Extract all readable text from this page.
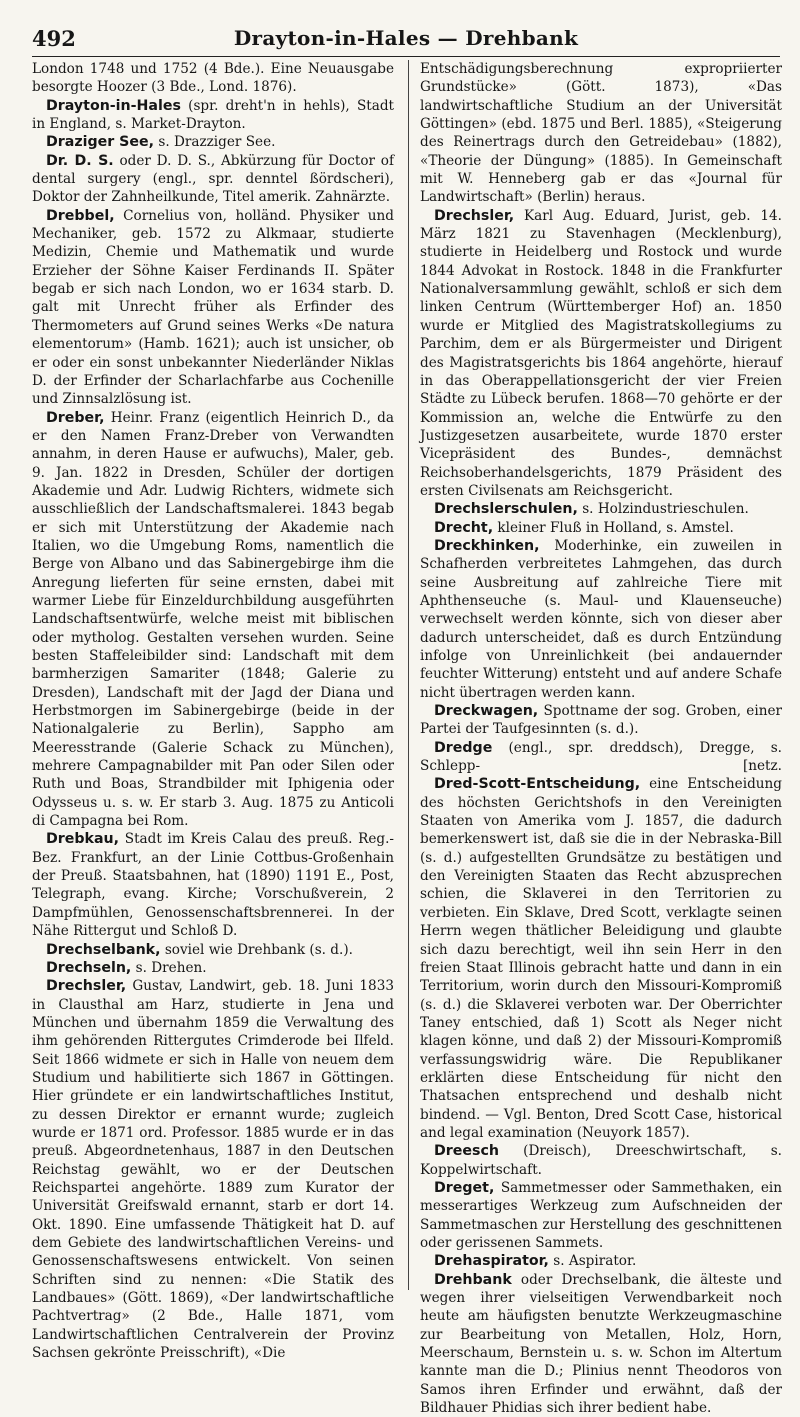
492	Drayton-in-Hales — Drehbank

London 1748 und 1752 (4 Bde.). Eine Neuausgabe besorgte Hoozer (3 Bde., Lond. 1876).

Drayton-in-Hales (spr. dreht'n in hehls), Stadt in England, s. Market-Drayton.

Draziger See, s. Drazziger See.

Dr. D. S. oder D. D. S., Abkürzung für Doctor of dental surgery (engl., spr. denntel ßördscheri), Doktor der Zahnheilkunde, Titel amerik. Zahnärzte.

Drebbel, Cornelius von, holländ. Physiker und Mechaniker, geb. 1572 zu Alkmaar, studierte Medizin, Chemie und Mathematik und wurde Erzieher der Söhne Kaiser Ferdinands II. Später begab er sich nach London, wo er 1634 starb. D. galt mit Unrecht früher als Erfinder des Thermometers auf Grund seines Werks «De natura elementorum» (Hamb. 1621); auch ist unsicher, ob er oder ein sonst unbekannter Niederländer Niklas D. der Erfinder der Scharlachfarbe aus Cochenille und Zinnsalzlösung ist.

Dreber, Heinr. Franz (eigentlich Heinrich D., da er den Namen Franz-Dreber von Verwandten annahm, in deren Hause er aufwuchs), Maler, geb. 9. Jan. 1822 in Dresden, Schüler der dortigen Akademie und Adr. Ludwig Richters, widmete sich ausschließlich der Landschaftsmalerei. 1843 begab er sich mit Unterstützung der Akademie nach Italien, wo die Umgebung Roms, namentlich die Berge von Albano und das Sabinergebirge ihm die Anregung lieferten für seine ernsten, dabei mit warmer Liebe für Einzeldurchbildung ausgeführten Landschaftsentwürfe, welche meist mit biblischen oder mytholog. Gestalten versehen wurden. Seine besten Staffeleibilder sind: Landschaft mit dem barmherzigen Samariter (1848; Galerie zu Dresden), Landschaft mit der Jagd der Diana und Herbstmorgen im Sabinergebirge (beide in der Nationalgalerie zu Berlin), Sappho am Meeresstrande (Galerie Schack zu München), mehrere Campagnabilder mit Pan oder Silen oder Ruth und Boas, Strandbilder mit Iphigenia oder Odysseus u. s. w. Er starb 3. Aug. 1875 zu Anticoli di Campagna bei Rom.

Drebkau, Stadt im Kreis Calau des preuß. Reg.-Bez. Frankfurt, an der Linie Cottbus-Großenhain der Preuß. Staatsbahnen, hat (1890) 1191 E., Post, Telegraph, evang. Kirche; Vorschußverein, 2 Dampfmühlen, Genossenschaftsbrennerei. In der Nähe Rittergut und Schloß D.

Drechselbank, soviel wie Drehbank (s. d.).

Drechseln, s. Drehen.

Drechsler, Gustav, Landwirt, geb. 18. Juni 1833 in Clausthal am Harz, studierte in Jena und München und übernahm 1859 die Verwaltung des ihm gehörenden Rittergutes Crimderode bei Ilfeld. Seit 1866 widmete er sich in Halle von neuem dem Studium und habilitierte sich 1867 in Göttingen. Hier gründete er ein landwirtschaftliches Institut, zu dessen Direktor er ernannt wurde; zugleich wurde er 1871 ord. Professor. 1885 wurde er in das preuß. Abgeordnetenhaus, 1887 in den Deutschen Reichstag gewählt, wo er der Deutschen Reichspartei angehörte. 1889 zum Kurator der Universität Greifswald ernannt, starb er dort 14. Okt. 1890. Eine umfassende Thätigkeit hat D. auf dem Gebiete des landwirtschaftlichen Vereins- und Genossenschaftswesens entwickelt. Von seinen Schriften sind zu nennen: «Die Statik des Landbaues» (Gött. 1869), «Der landwirtschaftliche Pachtvertrag» (2 Bde., Halle 1871, vom Landwirtschaftlichen Centralverein der Provinz Sachsen gekrönte Preisschrift), «Die

Entschädigungsberechnung expropriierter Grundstücke» (Gött. 1873), «Das landwirtschaftliche Studium an der Universität Göttingen» (ebd. 1875 und Berl. 1885), «Steigerung des Reinertrags durch den Getreidebau» (1882), «Theorie der Düngung» (1885). In Gemeinschaft mit W. Henneberg gab er das «Journal für Landwirtschaft» (Berlin) heraus.

Drechsler, Karl Aug. Eduard, Jurist, geb. 14. März 1821 zu Stavenhagen (Mecklenburg), studierte in Heidelberg und Rostock und wurde 1844 Advokat in Rostock. 1848 in die Frankfurter Nationalversammlung gewählt, schloß er sich dem linken Centrum (Württemberger Hof) an. 1850 wurde er Mitglied des Magistratskollegiums zu Parchim, dem er als Bürgermeister und Dirigent des Magistratsgerichts bis 1864 angehörte, hierauf in das Oberappellationsgericht der vier Freien Städte zu Lübeck berufen. 1868—70 gehörte er der Kommission an, welche die Entwürfe zu den Justizgesetzen ausarbeitete, wurde 1870 erster Vicepräsident des Bundes-, demnächst Reichsoberhandelsgerichts, 1879 Präsident des ersten Civilsenats am Reichsgericht.

Drechslerschulen, s. Holzindustrieschulen.

Drecht, kleiner Fluß in Holland, s. Amstel.

Dreckhinken, Moderhinke, ein zuweilen in Schafherden verbreitetes Lahmgehen, das durch seine Ausbreitung auf zahlreiche Tiere mit Aphthenseuche (s. Maul- und Klauenseuche) verwechselt werden könnte, sich von dieser aber dadurch unterscheidet, daß es durch Entzündung infolge von Unreinlichkeit (bei andauernder feuchter Witterung) entsteht und auf andere Schafe nicht übertragen werden kann.

Dreckwagen, Spottname der sog. Groben, einer Partei der Taufgesinnten (s. d.).

Dredge (engl., spr. dreddsch), Dregge, s. Schlepp-	[netz.

Dred-Scott-Entscheidung, eine Entscheidung des höchsten Gerichtshofs in den Vereinigten Staaten von Amerika vom J. 1857, die dadurch bemerkenswert ist, daß sie die in der Nebraska-Bill (s. d.) aufgestellten Grundsätze zu bestätigen und den Vereinigten Staaten das Recht abzusprechen schien, die Sklaverei in den Territorien zu verbieten. Ein Sklave, Dred Scott, verklagte seinen Herrn wegen thätlicher Beleidigung und glaubte sich dazu berechtigt, weil ihn sein Herr in den freien Staat Illinois gebracht hatte und dann in ein Territorium, worin durch den Missouri-Kompromiß (s. d.) die Sklaverei verboten war. Der Oberrichter Taney entschied, daß 1) Scott als Neger nicht klagen könne, und daß 2) der Missouri-Kompromiß verfassungswidrig wäre. Die Republikaner erklärten diese Entscheidung für nicht den Thatsachen entsprechend und deshalb nicht bindend. — Vgl. Benton, Dred Scott Case, historical and legal examination (Neuyork 1857).

Dreesch (Dreisch), Dreeschwirtschaft, s. Koppelwirtschaft.

Dreget, Sammetmesser oder Sammethaken, ein messerartiges Werkzeug zum Aufschneiden der Sammetmaschen zur Herstellung des geschnittenen oder gerissenen Sammets.

Drehaspirator, s. Aspirator.

Drehbank oder Drechselbank, die älteste und wegen ihrer vielseitigen Verwendbarkeit noch heute am häufigsten benutzte Werkzeugmaschine zur Bearbeitung von Metallen, Holz, Horn, Meerschaum, Bernstein u. s. w. Schon im Altertum kannte man die D.; Plinius nennt Theodoros von Samos ihren Erfinder und erwähnt, daß der Bildhauer Phidias sich ihrer bedient habe.
